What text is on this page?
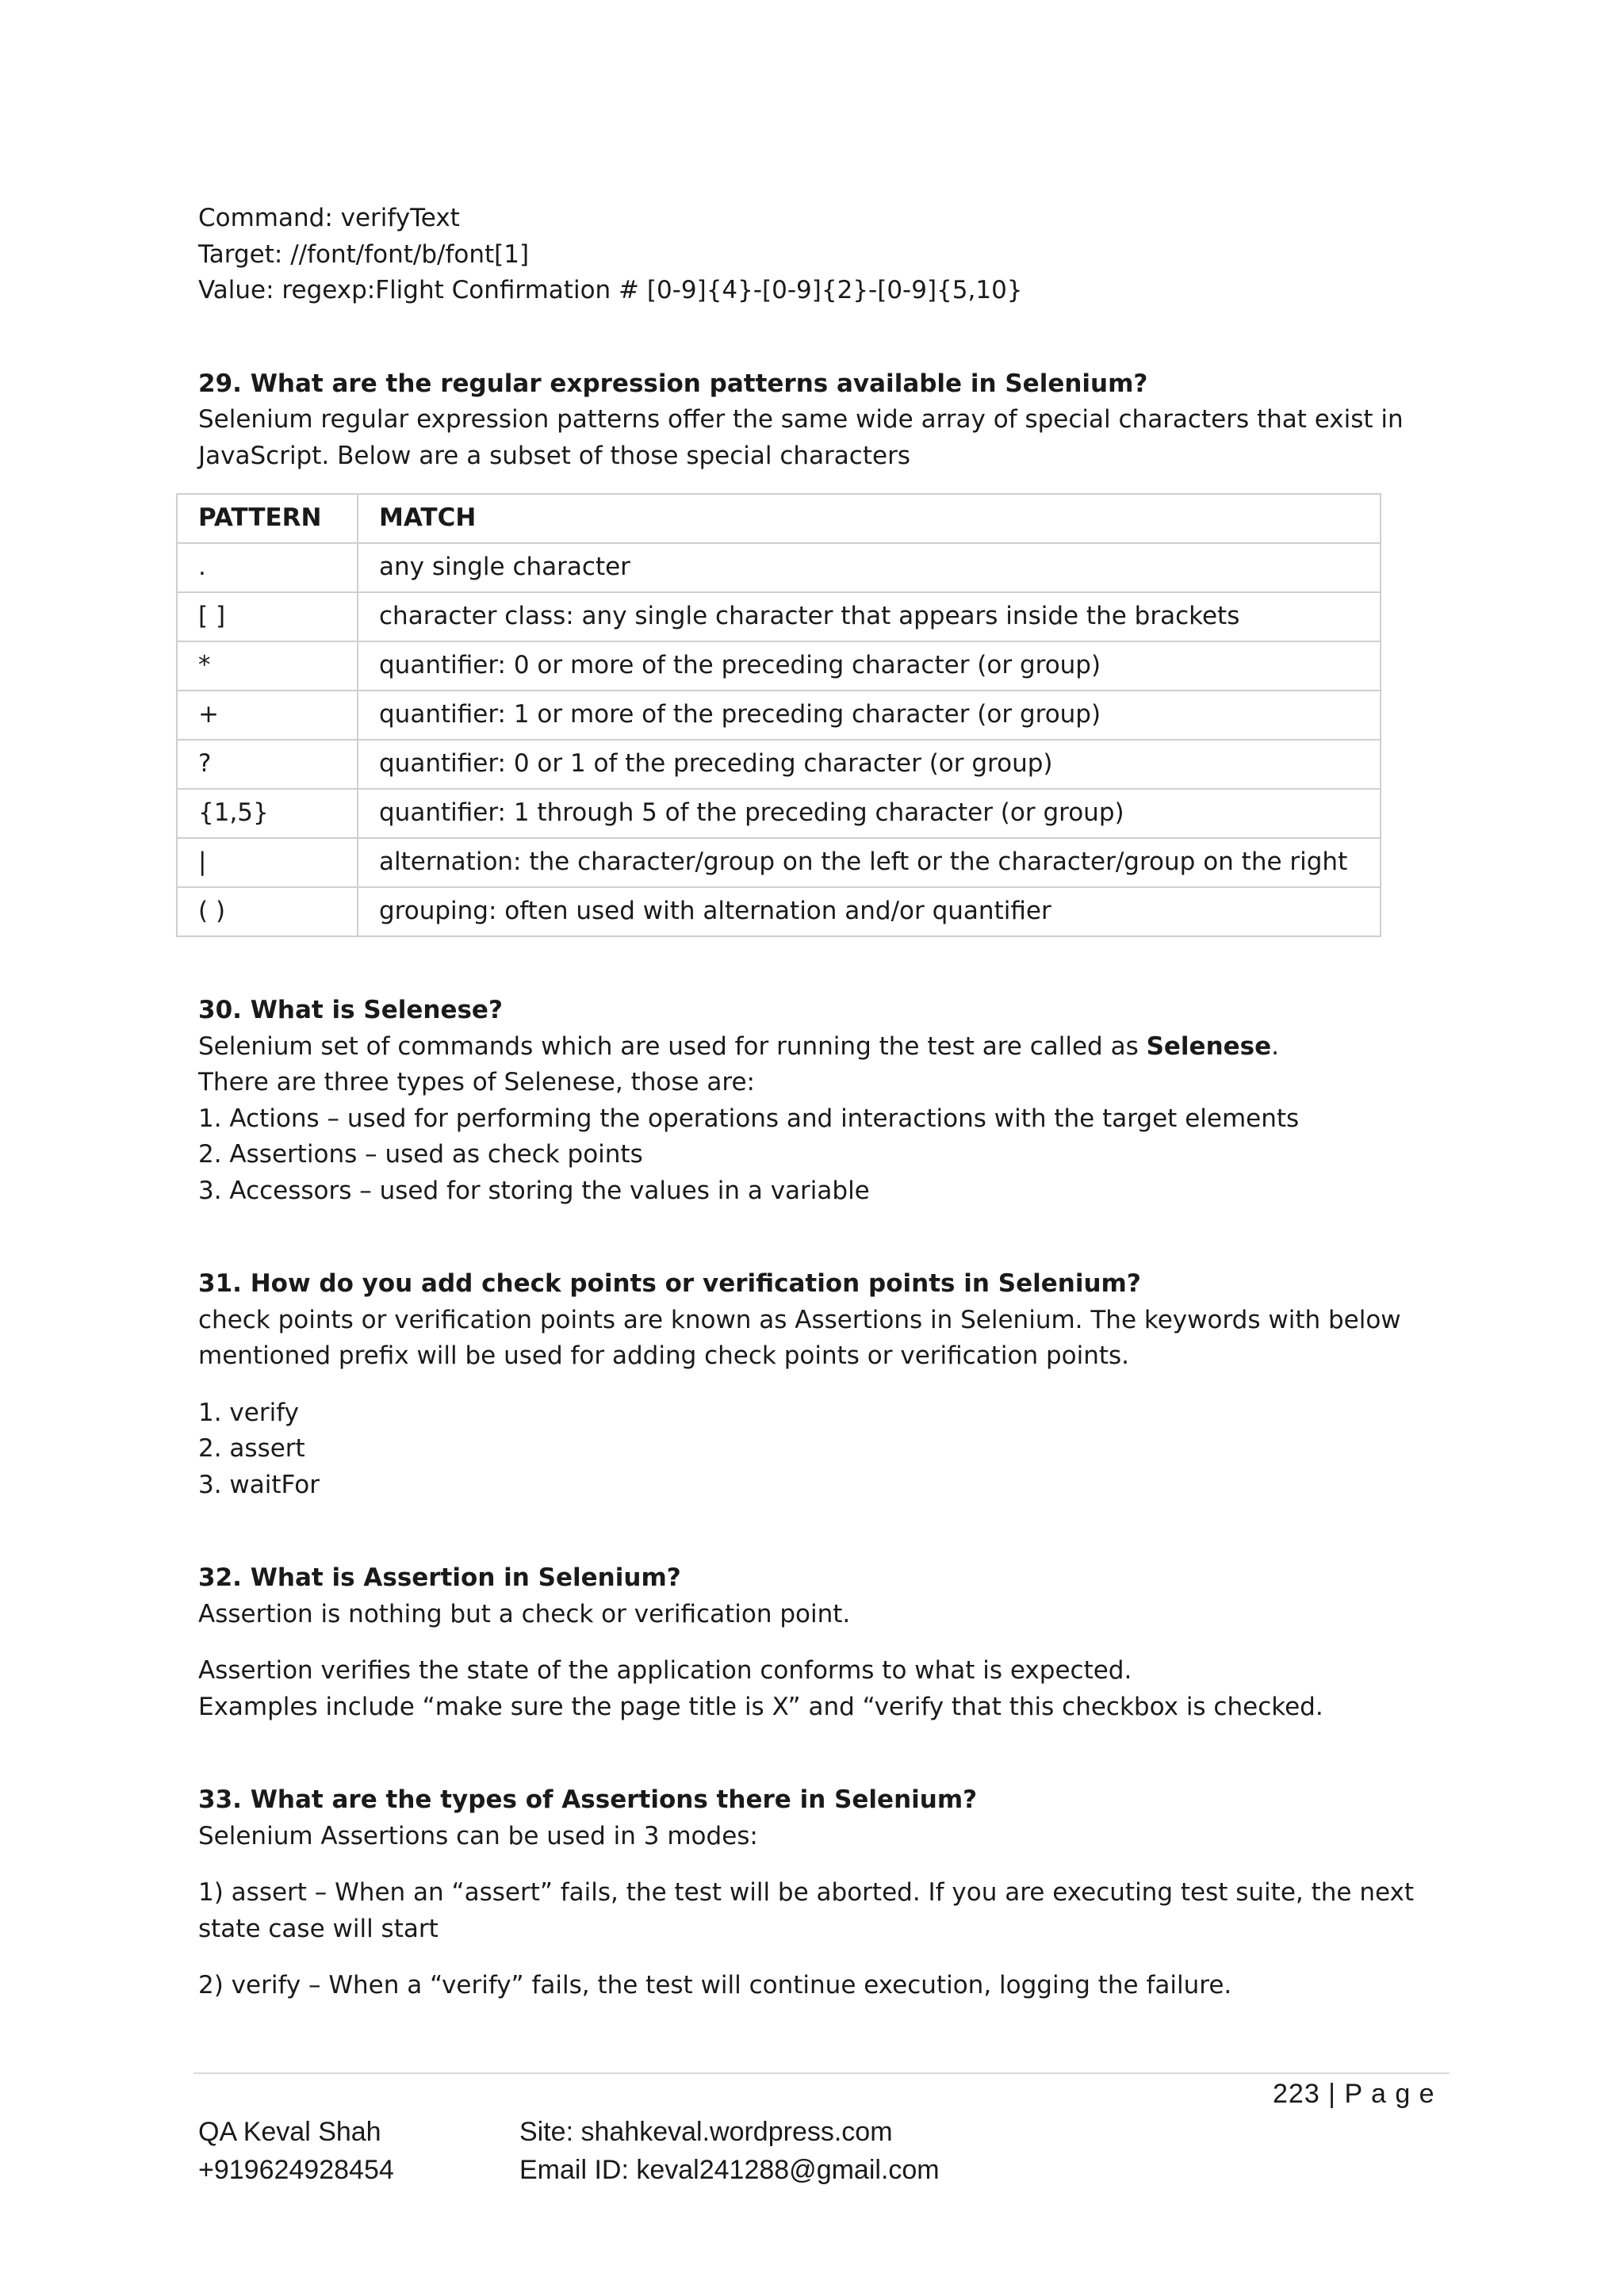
Command: verifyText

Target: //font/font/b/font[1]

Value: regexp:Flight Confirmation # [0-9]{4}-[0-9]{2}-[0-9]{5,10}

29. What are the regular expression patterns available in Selenium?

Selenium regular expression patterns offer the same wide array of special characters that exist in

JavaScript. Below are a subset of those special characters

PATTERN	MATCH
.	any single character
[ ]	character class: any single character that appears inside the brackets
*	quantifier: 0 or more of the preceding character (or group)
+	quantifier: 1 or more of the preceding character (or group)
?	quantifier: 0 or 1 of the preceding character (or group)
{1,5}	quantifier: 1 through 5 of the preceding character (or group)
|	alternation: the character/group on the left or the character/group on the right
( )	grouping: often used with alternation and/or quantifier

30. What is Selenese?

Selenium set of commands which are used for running the test are called as Selenese.

There are three types of Selenese, those are:

1. Actions – used for performing the operations and interactions with the target elements

2. Assertions – used as check points

3. Accessors – used for storing the values in a variable

31. How do you add check points or verification points in Selenium?

check points or verification points are known as Assertions in Selenium. The keywords with below

mentioned prefix will be used for adding check points or verification points.

1. verify

2. assert

3. waitFor

32. What is Assertion in Selenium?

Assertion is nothing but a check or verification point.

Assertion verifies the state of the application conforms to what is expected.

Examples include “make sure the page title is X” and “verify that this checkbox is checked.

33. What are the types of Assertions there in Selenium?

Selenium Assertions can be used in 3 modes:

1) assert – When an “assert” fails, the test will be aborted. If you are executing test suite, the next

state case will start

2) verify – When a “verify” fails, the test will continue execution, logging the failure.

223 | P a g e
QA Keval Shah
+919624928454
Site: shahkeval.wordpress.com
Email ID: keval241288@gmail.com
